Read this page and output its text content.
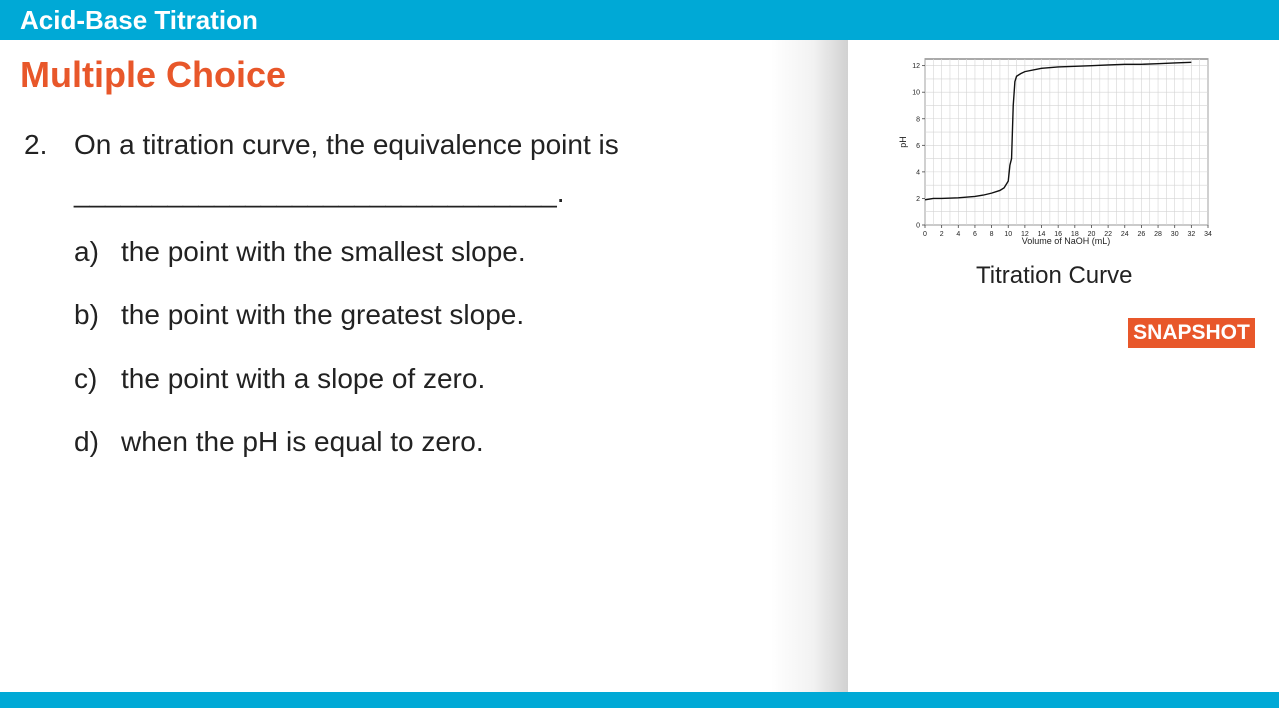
Acid-Base Titration
Multiple Choice
2. On a titration curve, the equivalence point is
_______________________________.
a) the point with the smallest slope.
b) the point with the greatest slope.
c) the point with a slope of zero.
d) when the pH is equal to zero.
0 2 4 6 8 10 12 14 16 18 20 22 24 26 28 30 32 34
0
2
4
6
8
10
12
Volume of NaOH (mL)
pH
Titration Curve
SNAPSHOT
